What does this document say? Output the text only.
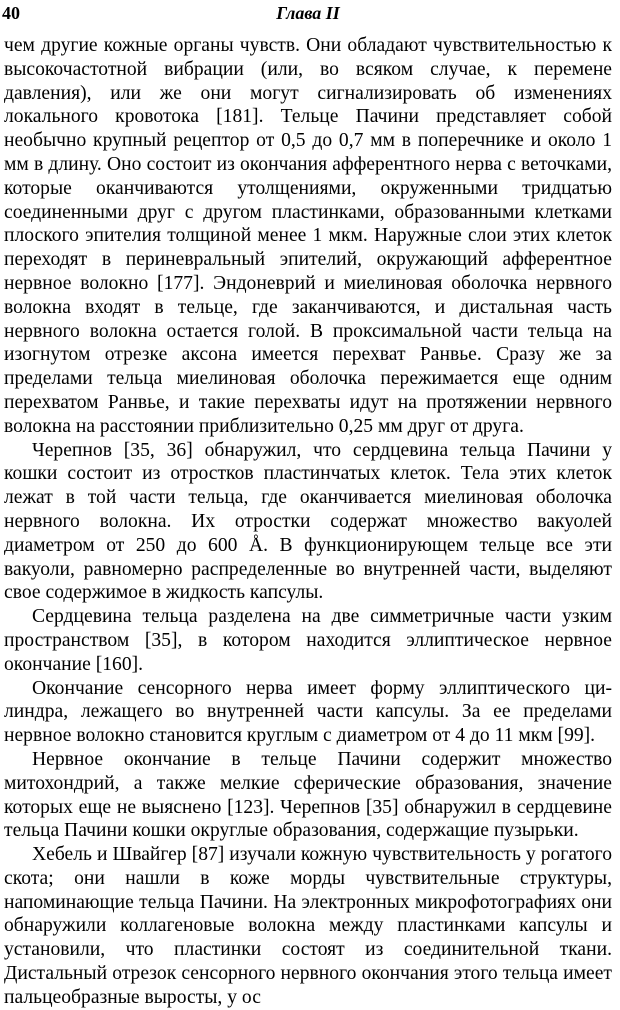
40	Глава II

чем другие кожные органы чувств. Они обладают чувствительностью к высокочастотной вибрации (или, во всяком случае, к перемене давления), или же они могут сигнализировать об изменениях локального кровотока [181]. Тельце Пачини представляет собой необычно крупный рецептор от 0,5 до 0,7 мм в поперечнике и около 1 мм в длину. Оно состоит из окончания афферентного нерва с веточками, которые оканчиваются утолщениями, окруженными тридцатью соединенными друг с другом пластинками, образованными клетками плоского эпителия толщиной менее 1 мкм. Наружные слои этих клеток переходят в периневральный эпителий, окружающий афферентное нервное волокно [177]. Эндоневрий и миелиновая оболочка нервного волокна входят в тельце, где заканчиваются, и дистальная часть нервного волокна остается голой. В проксимальной части тельца на изогнутом отрезке аксона имеется перехват Ранвье. Сразу же за пределами тельца миелиновая оболочка пережимается еще одним перехватом Ранвье, и такие перехваты идут на протяжении нервного волокна на расстоянии приблизительно 0,25 мм друг от друга.

Черепнов [35, 36] обнаружил, что сердцевина тельца Пачини у кошки состоит из отростков пластинчатых клеток. Тела этих клеток лежат в той части тельца, где оканчивается миелиновая оболочка нервного волокна. Их отростки содержат множество вакуолей диаметром от 250 до 600 Å. В функционирующем тельце все эти вакуоли, равномерно распределенные во внутренней части, выделяют свое содержимое в жидкость капсулы.

Сердцевина тельца разделена на две симметричные части узким пространством [35], в котором находится эллиптическое нервное окончание [160].

Окончание сенсорного нерва имеет форму эллиптического цилиндра, лежащего во внутренней части капсулы. За ее пределами нервное волокно становится круглым с диаметром от 4 до 11 мкм [99].

Нервное окончание в тельце Пачини содержит множество митохондрий, а также мелкие сферические образования, значение которых еще не выяснено [123]. Черепнов [35] обнаружил в сердцевине тельца Пачини кошки округлые образования, содержащие пузырьки.

Хебель и Швайгер [87] изучали кожную чувствительность у рогатого скота; они нашли в коже морды чувствительные структуры, напоминающие тельца Пачини. На электронных микрофотографиях они обнаружили коллагеновые волокна между пластинками капсулы и установили, что пластинки состоят из соединительной ткани. Дистальный отрезок сенсорного нервного окончания этого тельца имеет пальцеобразные выросты, у ос
